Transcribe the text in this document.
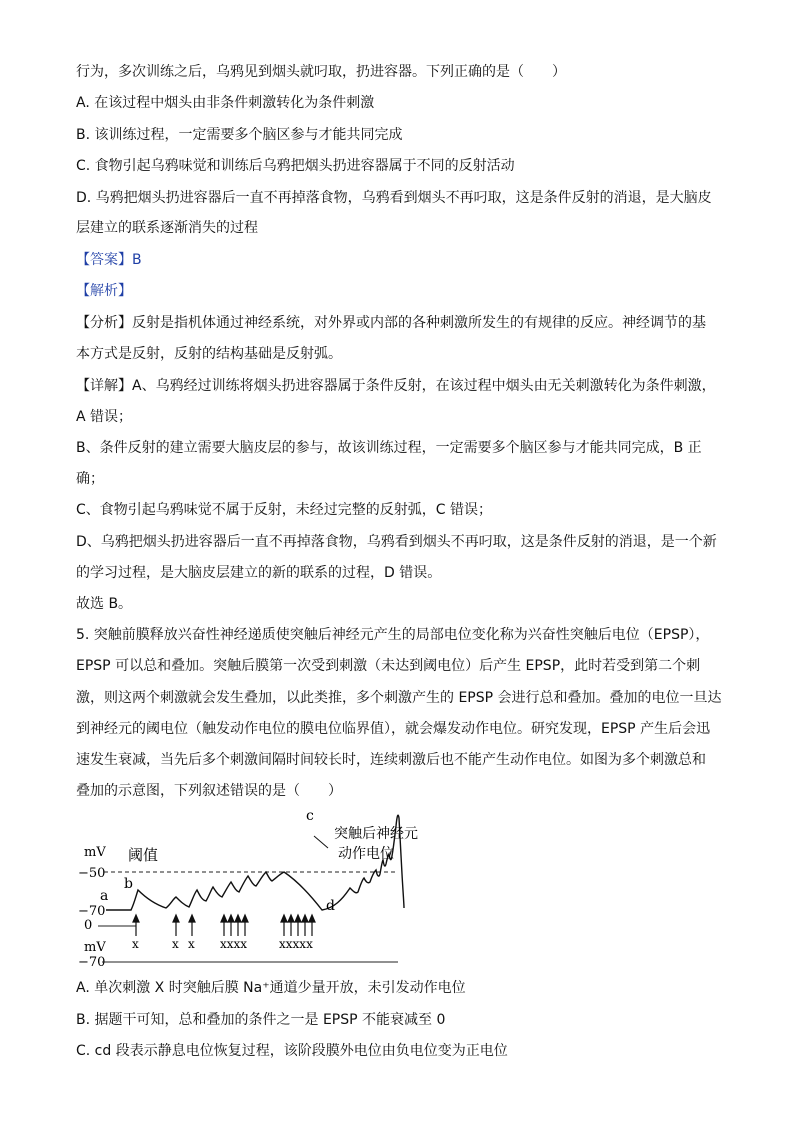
行为，多次训练之后，乌鸦见到烟头就叼取，扔进容器。下列正确的是（　　）
A. 在该过程中烟头由非条件刺激转化为条件刺激
B. 该训练过程，一定需要多个脑区参与才能共同完成
C. 食物引起乌鸦味觉和训练后乌鸦把烟头扔进容器属于不同的反射活动
D. 乌鸦把烟头扔进容器后一直不再掉落食物，乌鸦看到烟头不再叼取，这是条件反射的消退，是大脑皮
层建立的联系逐渐消失的过程
【答案】B
【解析】
【分析】反射是指机体通过神经系统，对外界或内部的各种刺激所发生的有规律的反应。神经调节的基
本方式是反射，反射的结构基础是反射弧。
【详解】A、乌鸦经过训练将烟头扔进容器属于条件反射，在该过程中烟头由无关刺激转化为条件刺激，
A 错误；
B、条件反射的建立需要大脑皮层的参与，故该训练过程，一定需要多个脑区参与才能共同完成，B 正
确；
C、食物引起乌鸦味觉不属于反射，未经过完整的反射弧，C 错误；
D、乌鸦把烟头扔进容器后一直不再掉落食物，乌鸦看到烟头不再叼取，这是条件反射的消退，是一个新
的学习过程，是大脑皮层建立的新的联系的过程，D 错误。
故选 B。
5. 突触前膜释放兴奋性神经递质使突触后神经元产生的局部电位变化称为兴奋性突触后电位（EPSP），
EPSP 可以总和叠加。突触后膜第一次受到刺激（未达到阈电位）后产生 EPSP，此时若受到第二个刺
激，则这两个刺激就会发生叠加，以此类推，多个刺激产生的 EPSP 会进行总和叠加。叠加的电位一旦达
到神经元的阈电位（触发动作电位的膜电位临界值），就会爆发动作电位。研究发现，EPSP 产生后会迅
速发生衰减，当先后多个刺激间隔时间较长时，连续刺激后也不能产生动作电位。如图为多个刺激总和
叠加的示意图，下列叙述错误的是（　　）
mV
−50
−70
0
mV
−70
阈值
a
b
x	x x xxxx	xxxxx
c
突触后神经元
动作电位
d
A. 单次刺激 X 时突触后膜 Na⁺通道少量开放，未引发动作电位
B. 据题干可知，总和叠加的条件之一是 EPSP 不能衰减至 0
C. cd 段表示静息电位恢复过程，该阶段膜外电位由负电位变为正电位
